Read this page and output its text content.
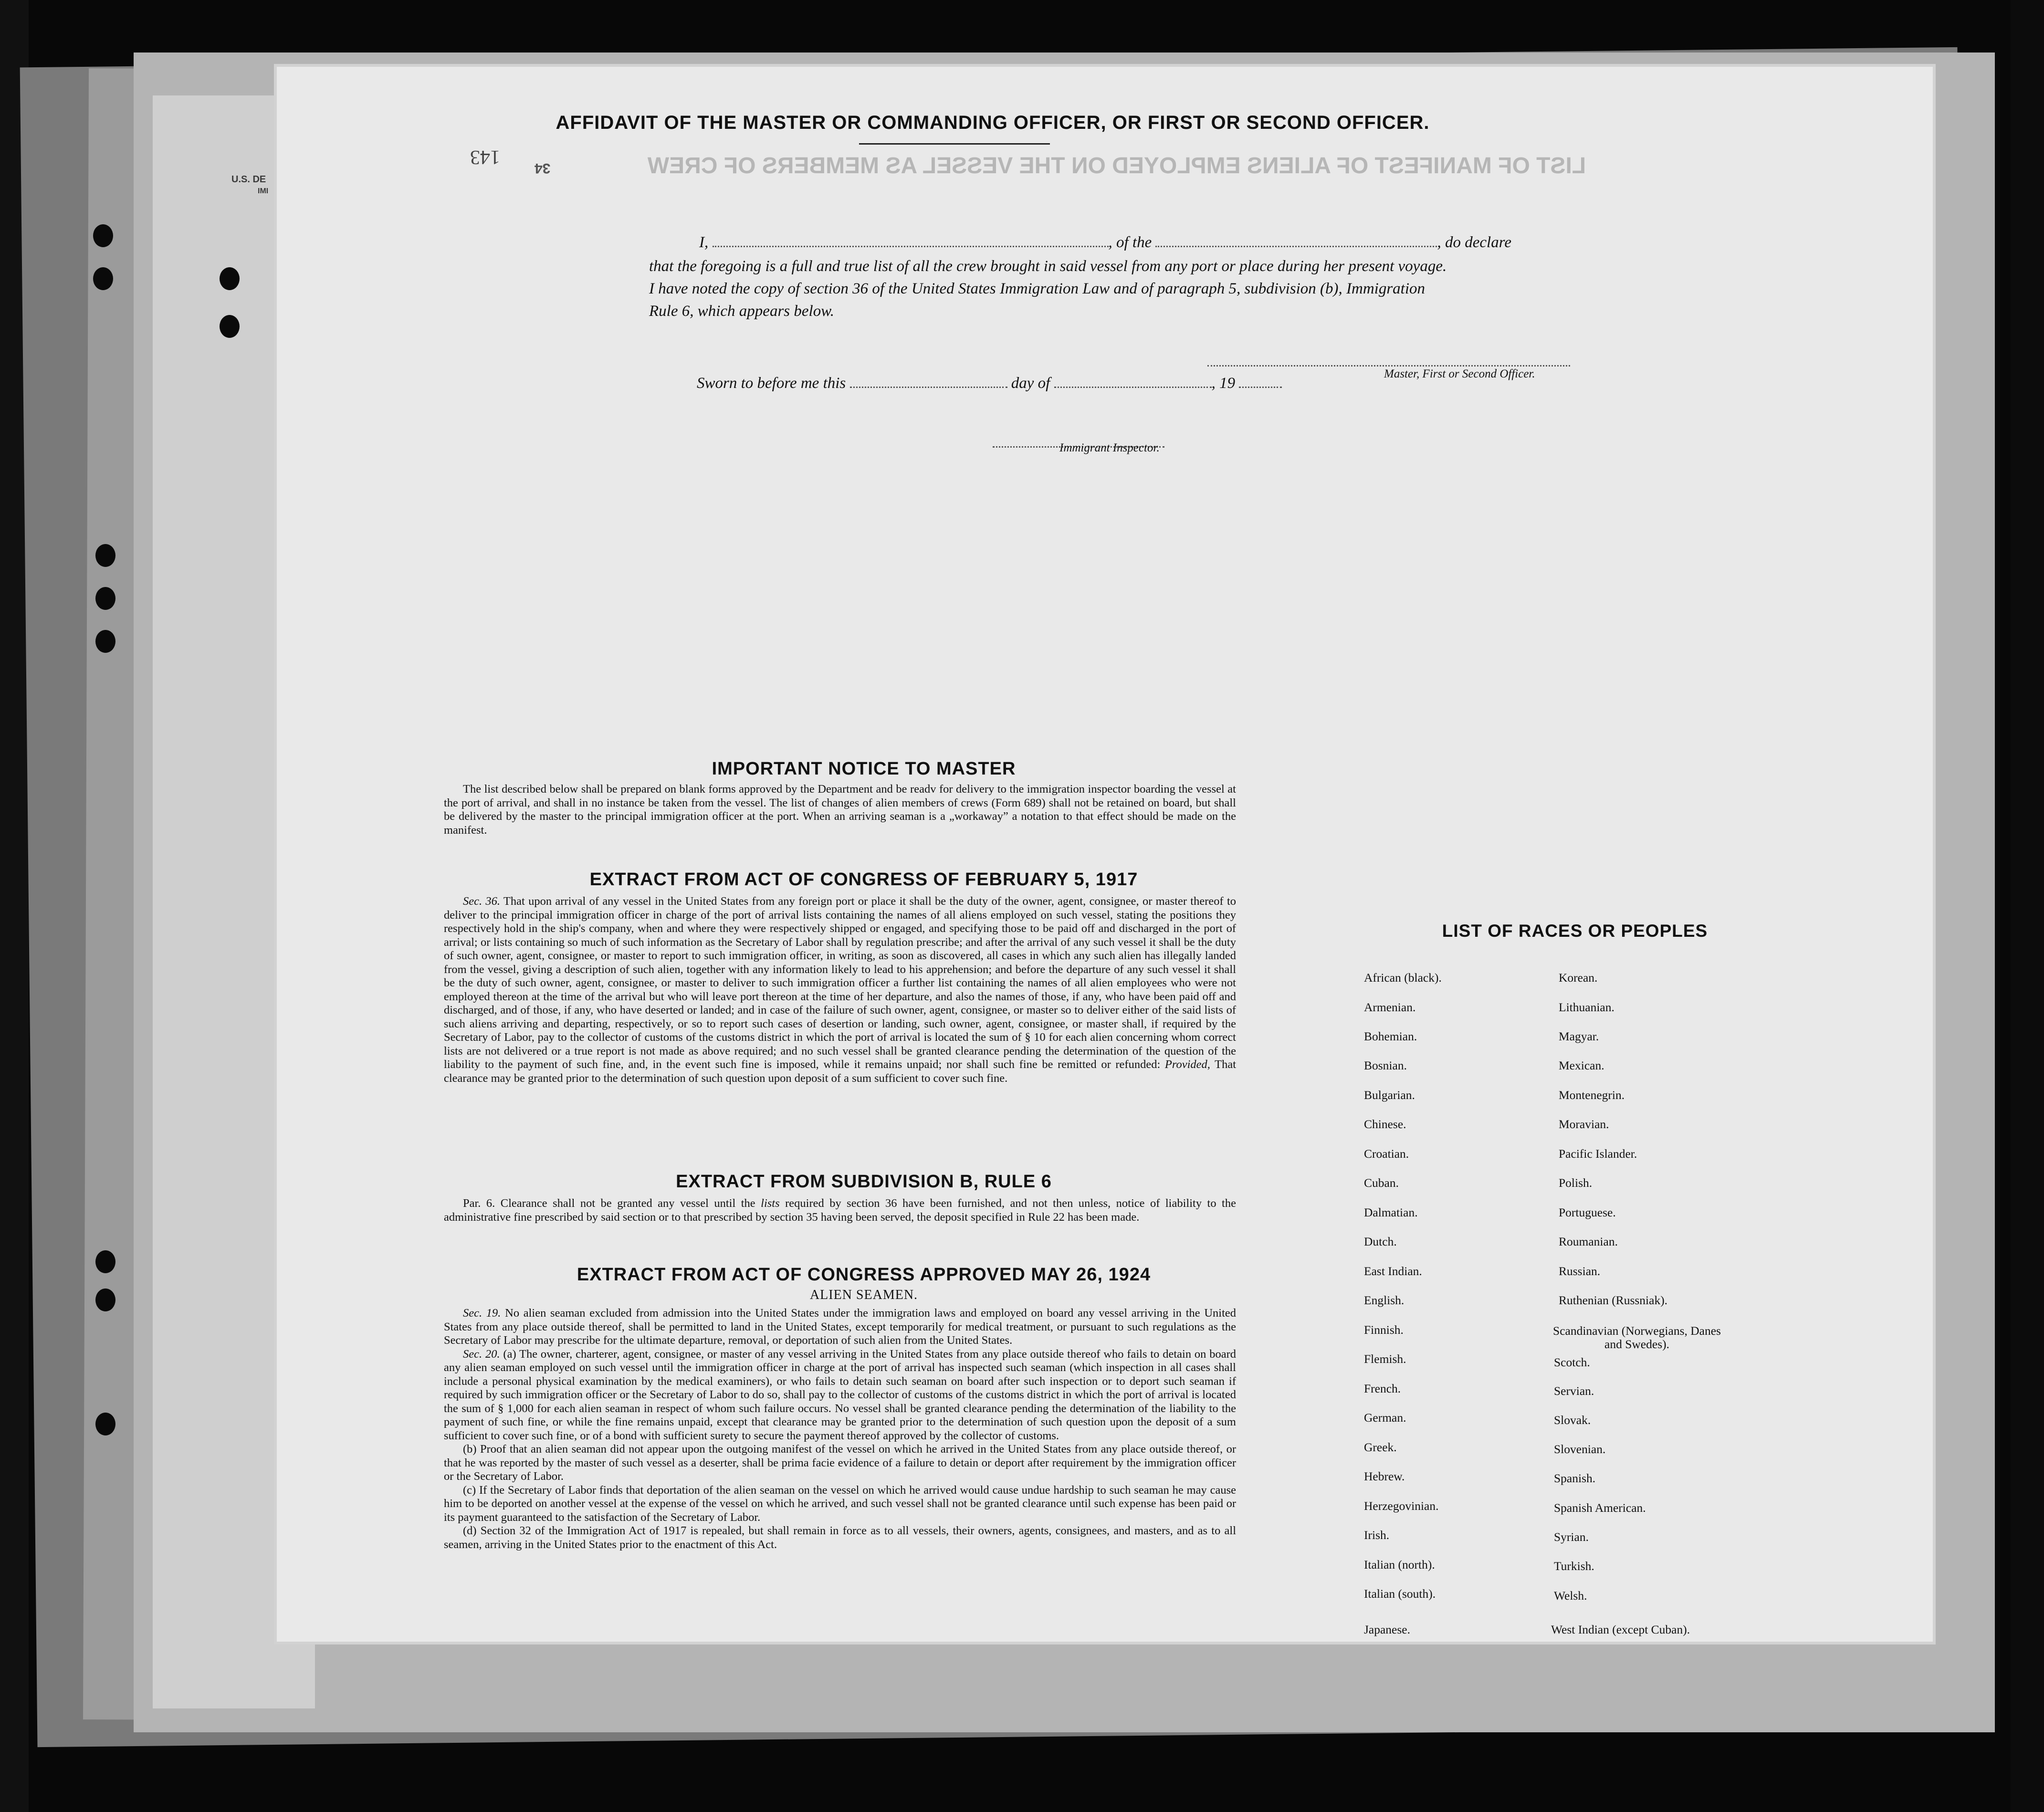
U.S. DE
IMI
LIST OF MANIFEST OF ALIENS EMPLOYED ON THE VESSEL AS MEMBERS OF CREW
143
34
AFFIDAVIT OF THE MASTER OR COMMANDING OFFICER, OR FIRST OR SECOND OFFICER.
I,	, of the	, do declare
that the foregoing is a full and true list of all the crew brought in said vessel from any port or place during her present voyage.
I have noted the copy of section 36 of the United States Immigration Law and of paragraph 5, subdivision (b), Immigration
Rule 6, which appears below.
Master, First or Second Officer.
Sworn to before me this	day of	, 19
Immigrant Inspector.
IMPORTANT NOTICE TO MASTER

The list described below shall be prepared on blank forms approved by the Department and be readv for delivery to the immigration inspector boarding the vessel at the port of arrival, and shall in no instance be taken from the vessel. The list of changes of alien members of crews (Form 689) shall not be retained on board, but shall be delivered by the master to the principal immigration officer at the port. When an arriving seaman is a „workaway” a notation to that effect should be made on the manifest.

EXTRACT FROM ACT OF CONGRESS OF FEBRUARY 5, 1917

Sec. 36. That upon arrival of any vessel in the United States from any foreign port or place it shall be the duty of the owner, agent, consignee, or master thereof to deliver to the principal immigration officer in charge of the port of arrival lists containing the names of all aliens employed on such vessel, stating the positions they respectively hold in the ship's company, when and where they were respectively shipped or engaged, and specifying those to be paid off and discharged in the port of arrival; or lists containing so much of such information as the Secretary of Labor shall by regulation prescribe; and after the arrival of any such vessel it shall be the duty of such owner, agent, consignee, or master to report to such immigration officer, in writing, as soon as discovered, all cases in which any such alien has illegally landed from the vessel, giving a description of such alien, together with any information likely to lead to his apprehension; and before the departure of any such vessel it shall be the duty of such owner, agent, consignee, or master to deliver to such immigration officer a further list containing the names of all alien employees who were not employed thereon at the time of the arrival but who will leave port thereon at the time of her departure, and also the names of those, if any, who have been paid off and discharged, and of those, if any, who have deserted or landed; and in case of the failure of such owner, agent, consignee, or master so to deliver either of the said lists of such aliens arriving and departing, respectively, or so to report such cases of desertion or landing, such owner, agent, consignee, or master shall, if required by the Secretary of Labor, pay to the collector of customs of the customs district in which the port of arrival is located the sum of § 10 for each alien concerning whom correct lists are not delivered or a true report is not made as above required; and no such vessel shall be granted clearance pending the determination of the question of the liability to the payment of such fine, and, in the event such fine is imposed, while it remains unpaid; nor shall such fine be remitted or refunded: Provided, That clearance may be granted prior to the determination of such question upon deposit of a sum sufficient to cover such fine.

EXTRACT FROM SUBDIVISION B, RULE 6

Par. 6. Clearance shall not be granted any vessel until the lists required by section 36 have been furnished, and not then unless, notice of liability to the administrative fine prescribed by said section or to that prescribed by section 35 having been served, the deposit specified in Rule 22 has been made.

EXTRACT FROM ACT OF CONGRESS APPROVED MAY 26, 1924
ALIEN SEAMEN.

Sec. 19. No alien seaman excluded from admission into the United States under the immigration laws and employed on board any vessel arriving in the United States from any place outside thereof, shall be permitted to land in the United States, except temporarily for medical treatment, or pursuant to such regulations as the Secretary of Labor may prescribe for the ultimate departure, removal, or deportation of such alien from the United States.

Sec. 20. (a) The owner, charterer, agent, consignee, or master of any vessel arriving in the United States from any place outside thereof who fails to detain on board any alien seaman employed on such vessel until the immigration officer in charge at the port of arrival has inspected such seaman (which inspection in all cases shall include a personal physical examination by the medical examiners), or who fails to detain such seaman on board after such inspection or to deport such seaman if required by such immigration officer or the Secretary of Labor to do so, shall pay to the collector of customs of the customs district in which the port of arrival is located the sum of § 1,000 for each alien seaman in respect of whom such failure occurs. No vessel shall be granted clearance pending the determination of the liability to the payment of such fine, or while the fine remains unpaid, except that clearance may be granted prior to the determination of such question upon the deposit of a sum sufficient to cover such fine, or of a bond with sufficient surety to secure the payment thereof approved by the collector of customs.

(b) Proof that an alien seaman did not appear upon the outgoing manifest of the vessel on which he arrived in the United States from any place outside thereof, or that he was reported by the master of such vessel as a deserter, shall be prima facie evidence of a failure to detain or deport after requirement by the immigration officer or the Secretary of Labor.

(c) If the Secretary of Labor finds that deportation of the alien seaman on the vessel on which he arrived would cause undue hardship to such seaman he may cause him to be deported on another vessel at the expense of the vessel on which he arrived, and such vessel shall not be granted clearance until such expense has been paid or its payment guaranteed to the satisfaction of the Secretary of Labor.

(d) Section 32 of the Immigration Act of 1917 is repealed, but shall remain in force as to all vessels, their owners, agents, consignees, and masters, and as to all seamen, arriving in the United States prior to the enactment of this Act.

LIST OF RACES OR PEOPLES
African (black).
Armenian.
Bohemian.
Bosnian.
Bulgarian.
Chinese.
Croatian.
Cuban.
Dalmatian.
Dutch.
East Indian.
English.
Finnish.
Flemish.
French.
German.
Greek.
Hebrew.
Herzegovinian.
Irish.
Italian (north).
Italian (south).
Japanese.
Korean.
Lithuanian.
Magyar.
Mexican.
Montenegrin.
Moravian.
Pacific Islander.
Polish.
Portuguese.
Roumanian.
Russian.
Ruthenian (Russniak).
Scandinavian (Norwegians, Danes and Swedes).
Scotch.
Servian.
Slovak.
Slovenian.
Spanish.
Spanish American.
Syrian.
Turkish.
Welsh.
West Indian (except Cuban).
